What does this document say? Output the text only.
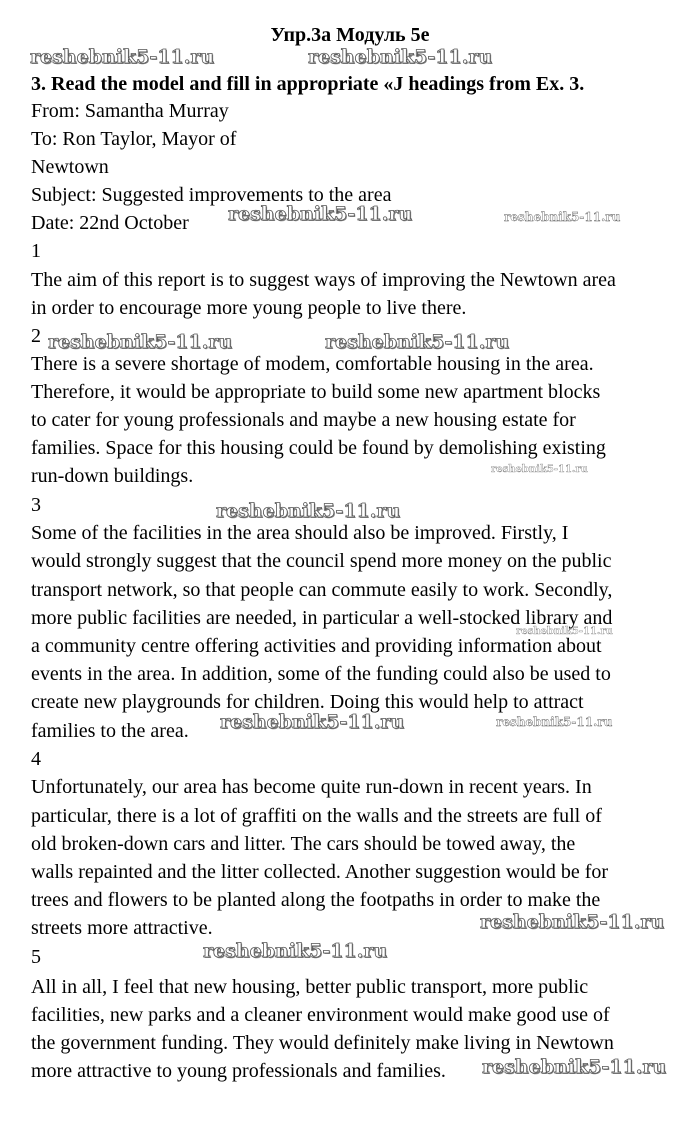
Упр.3а Модуль 5е
3. Read the model and fill in appropriate «J headings from Ex. 3.
From: Samantha Murray
To: Ron Taylor, Mayor of
Newtown
Subject: Suggested improvements to the area
Date: 22nd October
1
The aim of this report is to suggest ways of improving the Newtown area
in order to encourage more young people to live there.
2
There is a severe shortage of modem, comfortable housing in the area.
Therefore, it would be appropriate to build some new apartment blocks
to cater for young professionals and maybe a new housing estate for
families. Space for this housing could be found by demolishing existing
run-down buildings.
3
Some of the facilities in the area should also be improved. Firstly, I
would strongly suggest that the council spend more money on the public
transport network, so that people can commute easily to work. Secondly,
more public facilities are needed, in particular a well-stocked library and
a community centre offering activities and providing information about
events in the area. In addition, some of the funding could also be used to
create new playgrounds for children. Doing this would help to attract
families to the area.
4
Unfortunately, our area has become quite run-down in recent years. In
particular, there is a lot of graffiti on the walls and the streets are full of
old broken-down cars and litter. The cars should be towed away, the
walls repainted and the litter collected. Another suggestion would be for
trees and flowers to be planted along the footpaths in order to make the
streets more attractive.
5
All in all, I feel that new housing, better public transport, more public
facilities, new parks and a cleaner environment would make good use of
the government funding. They would definitely make living in Newtown
more attractive to young professionals and families.
reshebnik5-11.ru	reshebnik5-11.ru
reshebnik5-11.ru	reshebnik5-11.ru
reshebnik5-11.ru	reshebnik5-11.ru
reshebnik5-11.ru
reshebnik5-11.ru
reshebnik5-11.ru
reshebnik5-11.ru	reshebnik5-11.ru
reshebnik5-11.ru
reshebnik5-11.ru
reshebnik5-11.ru
